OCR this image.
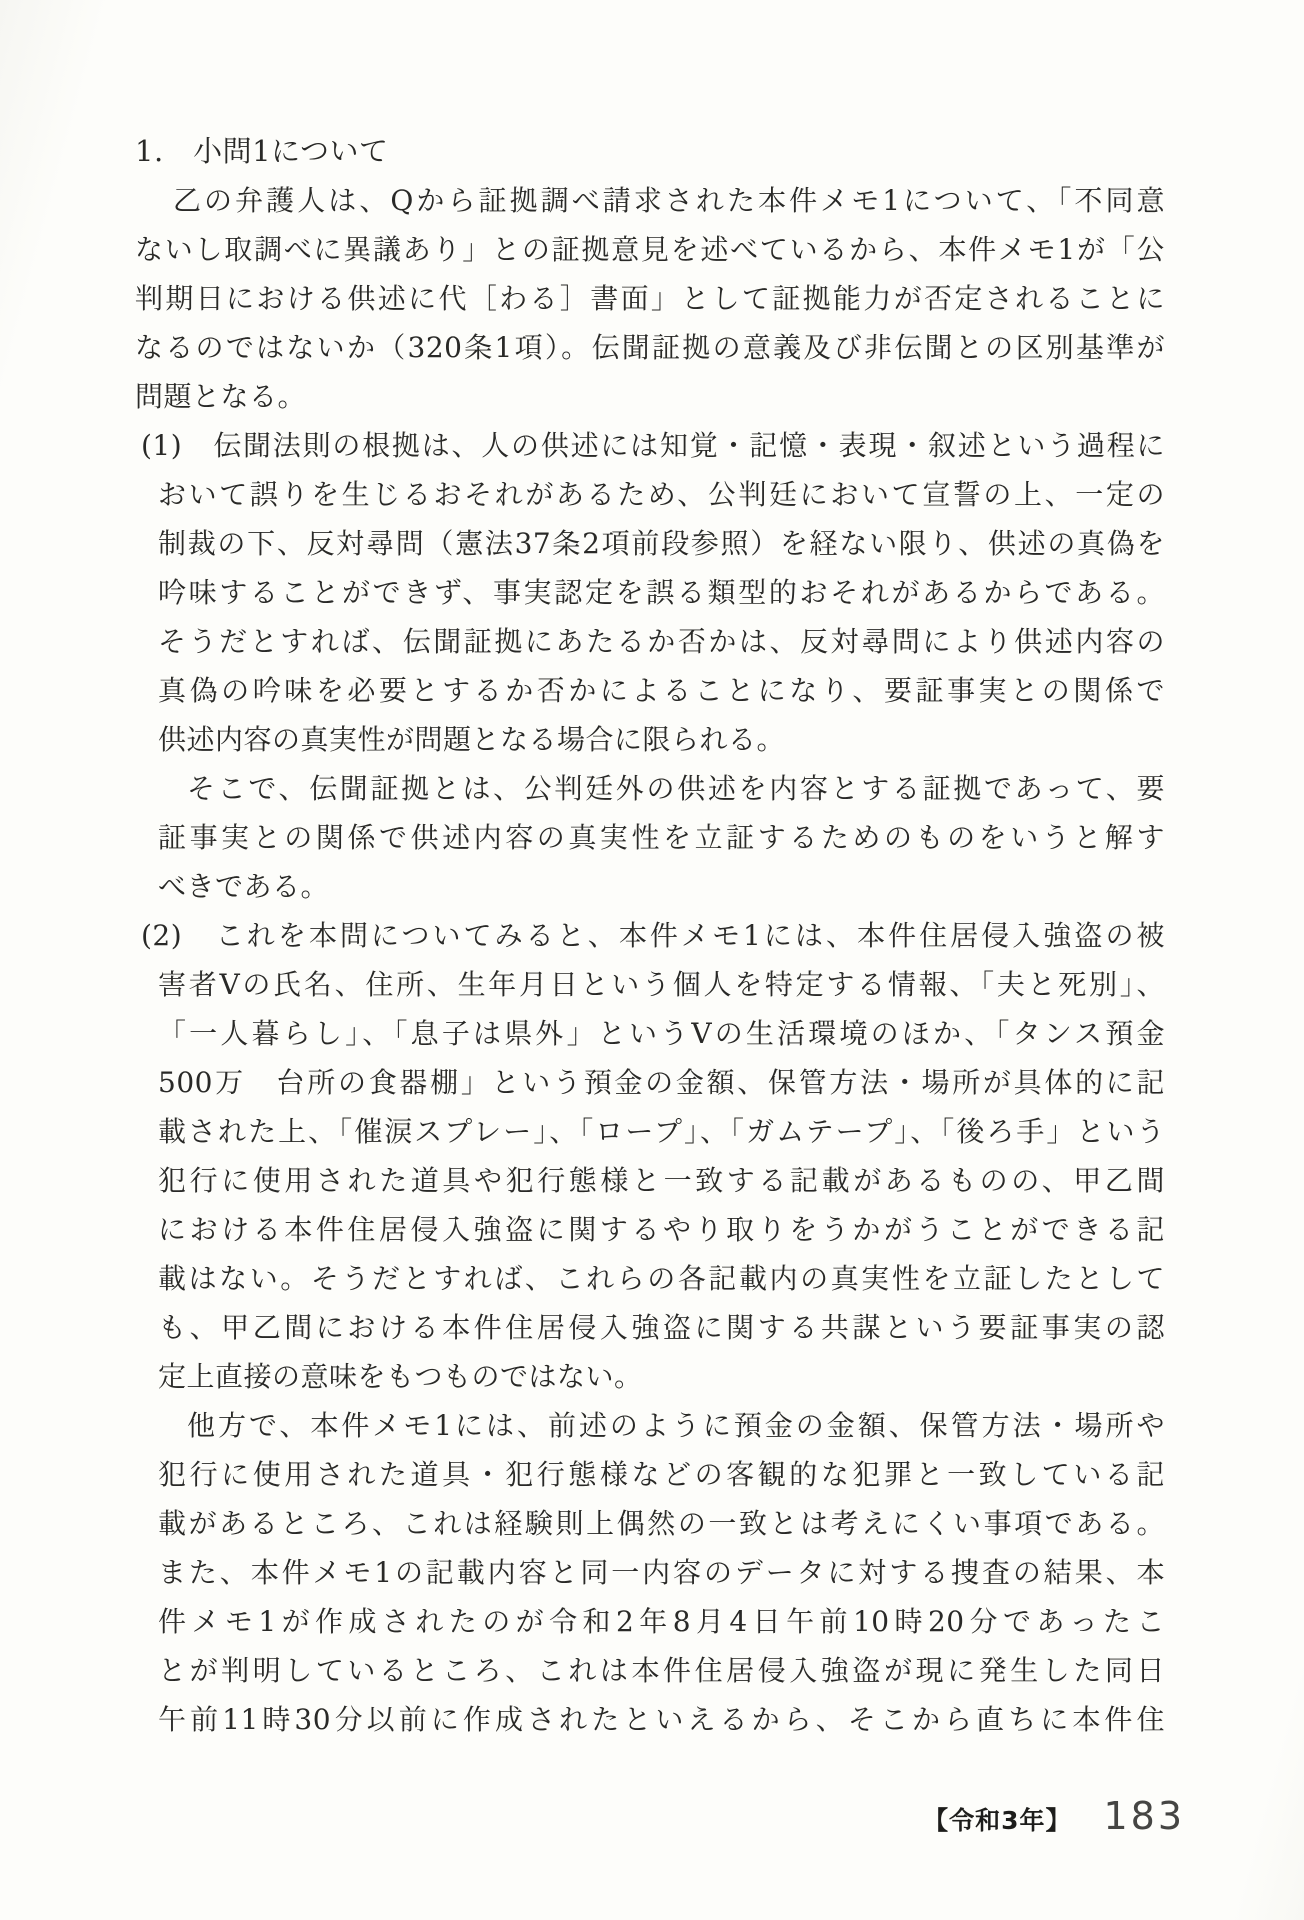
1.　小問1について
乙の弁護人は、Qから証拠調べ請求された本件メモ1について、「不同意
ないし取調べに異議あり」との証拠意見を述べているから、本件メモ1が「公
判期日における供述に代［わる］書面」として証拠能力が否定されることに
なるのではないか（320条1項）。伝聞証拠の意義及び非伝聞との区別基準が
問題となる。
(1)　伝聞法則の根拠は、人の供述には知覚・記憶・表現・叙述という過程に
おいて誤りを生じるおそれがあるため、公判廷において宣誓の上、一定の
制裁の下、反対尋問（憲法37条2項前段参照）を経ない限り、供述の真偽を
吟味することができず、事実認定を誤る類型的おそれがあるからである。
そうだとすれば、伝聞証拠にあたるか否かは、反対尋問により供述内容の
真偽の吟味を必要とするか否かによることになり、要証事実との関係で
供述内容の真実性が問題となる場合に限られる。
そこで、伝聞証拠とは、公判廷外の供述を内容とする証拠であって、要
証事実との関係で供述内容の真実性を立証するためのものをいうと解す
べきである。
(2)　これを本問についてみると、本件メモ1には、本件住居侵入強盗の被
害者Vの氏名、住所、生年月日という個人を特定する情報、「夫と死別」、
「一人暮らし」、「息子は県外」というVの生活環境のほか、「タンス預金
500万　台所の食器棚」という預金の金額、保管方法・場所が具体的に記
載された上、「催涙スプレー」、「ロープ」、「ガムテープ」、「後ろ手」という
犯行に使用された道具や犯行態様と一致する記載があるものの、甲乙間
における本件住居侵入強盗に関するやり取りをうかがうことができる記
載はない。そうだとすれば、これらの各記載内の真実性を立証したとして
も、甲乙間における本件住居侵入強盗に関する共謀という要証事実の認
定上直接の意味をもつものではない。
他方で、本件メモ1には、前述のように預金の金額、保管方法・場所や
犯行に使用された道具・犯行態様などの客観的な犯罪と一致している記
載があるところ、これは経験則上偶然の一致とは考えにくい事項である。
また、本件メモ1の記載内容と同一内容のデータに対する捜査の結果、本
件メモ1が作成されたのが令和2年8月4日午前10時20分であったこ
とが判明しているところ、これは本件住居侵入強盗が現に発生した同日
午前11時30分以前に作成されたといえるから、そこから直ちに本件住
【令和3年】 183
